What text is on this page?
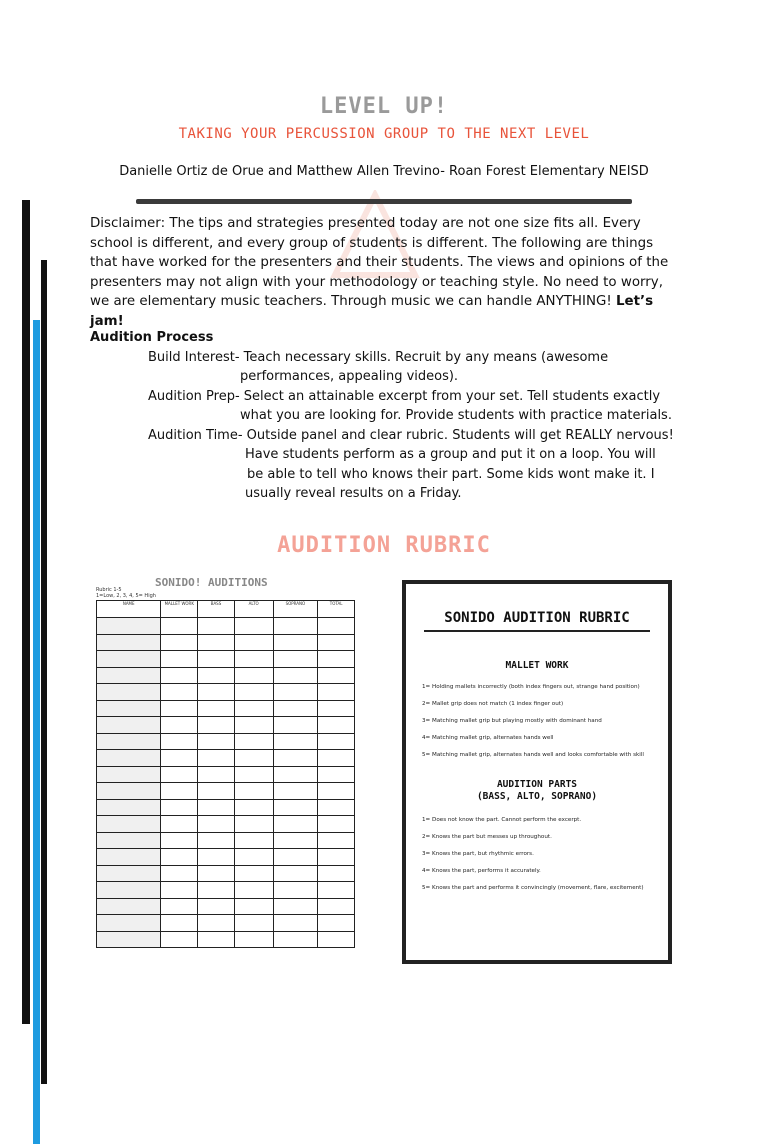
LEVEL UP!
TAKING YOUR PERCUSSION GROUP TO THE NEXT LEVEL
Danielle Ortiz de Orue and Matthew Allen Trevino- Roan Forest Elementary NEISD
Disclaimer: The tips and strategies presented today are not one size fits all. Every school is different, and every group of students is different. The following are things that have worked for the presenters and their students. The views and opinions of the presenters may not align with your methodology or teaching style. No need to worry, we are elementary music teachers. Through music we can handle ANYTHING! Let’s jam!
Audition Process
Build Interest- Teach necessary skills. Recruit by any means (awesome
performances, appealing videos).
Audition Prep- Select an attainable excerpt from your set. Tell students exactly
what you are looking for. Provide students with practice materials.
Audition Time- Outside panel and clear rubric. Students will get REALLY nervous!
Have students perform as a group and put it on a loop. You will
be able to tell who knows their part. Some kids wont make it. I
usually reveal results on a Friday.
AUDITION RUBRIC
SONIDO! AUDITIONS
Rubric 1-5
1=Low, 2, 3, 4, 5= High
NAME	MALLET WORK	BASS	ALTO	SOPRANO	TOTAL

SONIDO AUDITION RUBRIC
MALLET WORK
1= Holding mallets incorrectly (both index fingers out, strange hand position)
2= Mallet grip does not match (1 index finger out)
3= Matching mallet grip but playing mostly with dominant hand
4= Matching mallet grip, alternates hands well
5= Matching mallet grip, alternates hands well and looks comfortable with skill
AUDITION PARTS
(BASS, ALTO, SOPRANO)
1= Does not know the part. Cannot perform the excerpt.
2= Knows the part but messes up throughout.
3= Knows the part, but rhythmic errors.
4= Knows the part, performs it accurately.
5= Knows the part and performs it convincingly (movement, flare, excitement)
